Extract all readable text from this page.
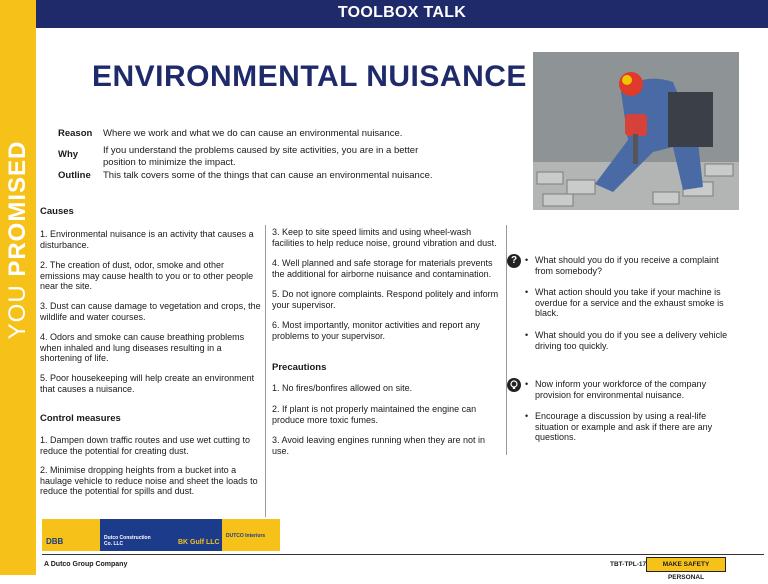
YOU PROMISED
TOOLBOX TALK
ENVIRONMENTAL NUISANCE
Reason	Where we work and what we do can cause an environmental nuisance.
Why	If you understand the problems caused by site activities, you are in a better position to minimize the impact.
Outline	This talk covers some of the things that can cause an environmental nuisance.
Causes
1. Environmental nuisance is an activity that causes a disturbance.
2. The creation of dust, odor, smoke and other emissions may cause health to you or to other people near the site.
3. Dust can cause damage to vegetation and crops, the wildlife and water courses.
4. Odors and smoke can cause breathing problems when inhaled and lung diseases resulting in a shortening of life.
5. Poor housekeeping will help create an environment that causes a nuisance.
Control measures
1. Dampen down traffic routes and use wet cutting to reduce the potential for creating dust.
2. Minimise dropping heights from a bucket into a haulage vehicle to reduce noise and sheet the loads to reduce the potential for spills and dust.
3. Keep to site speed limits and using wheel-wash facilities to help reduce noise, ground vibration and dust.
4. Well planned and safe storage for materials prevents the additional for airborne nuisance and contamination.
5. Do not ignore complaints. Respond politely and inform your supervisor.
6. Most importantly, monitor activities and report any problems to your supervisor.
Precautions
1. No fires/bonfires allowed on site.
2. If plant is not properly maintained the engine can produce more toxic fumes.
3. Avoid leaving engines running when they are not in use.
?
•	What should you do if you receive a complaint from somebody?
• What action should you take if your machine is overdue for a service and the exhaust smoke is black.
• What should you do if you see a delivery vehicle driving too quickly.
• Now inform your workforce of the company provision for environmental nuisance.
• Encourage a discussion by using a real-life situation or example and ask if there are any questions.
DBB	Dutco Construction Co. LLC	BK Gulf LLC
DUTCO Interiors
A Dutco Group Company	TBT-TPL-17	MAKE SAFETY PERSONAL
